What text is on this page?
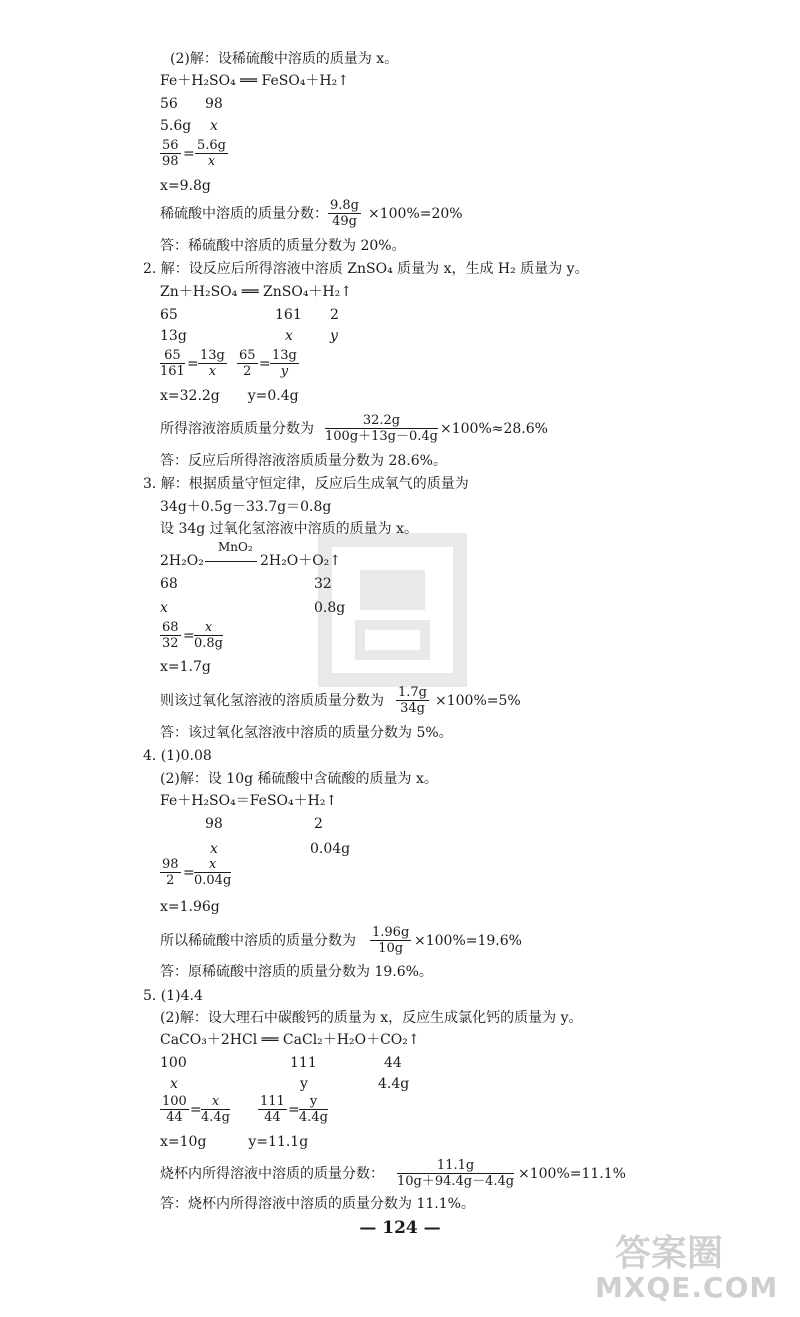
(2)解：设稀硫酸中溶质的质量为 x。
Fe＋H₂SO₄ ══ FeSO₄＋H₂↑
56 98
5.6g x
$\frac{56}{98} = \frac{5.6g}{x}$
x=9.8g
稀硫酸中溶质的质量分数： $\frac{9.8g}{49g} \times 100\%=20\%$
答：稀硫酸中溶质的质量分数为 20%。
2. 解：设反应后所得溶液中溶质 ZnSO₄ 质量为 x，生成 H₂ 质量为 y。
Zn＋H₂SO₄ ══ ZnSO₄＋H₂↑
65	161 2
13g	x	y
$\frac{65}{161} = \frac{13g}{x} \frac{65}{2} = \frac{13g}{y}$
x=32.2g　　y=0.4g
所得溶液溶质质量分数为 $\frac{32.2g}{100g+13g-0.4g} \times 100\%\approx 28.6\%$
答：反应后所得溶液溶质质量分数为 28.6%。
3. 解：根据质量守恒定律，反应后生成氧气的质量为
34g＋0.5g－33.7g＝0.8g
设 34g 过氧化氢溶液中溶质的质量为 x。
2H₂O₂
MnO₂
2H₂O＋O₂↑
68	32
x	0.8g
$\frac{68}{32} = \frac{x}{0.8g}$
x=1.7g
则该过氧化氢溶液的溶质质量分数为 $\frac{1.7g}{34g} \times 100\%=5\%$
答：该过氧化氢溶液中溶质的质量分数为 5%。
4. (1)0.08
(2)解：设 10g 稀硫酸中含硫酸的质量为 x。
Fe＋H₂SO₄＝FeSO₄＋H₂↑
98	2
x	0.04g
$\frac{98}{2} = \frac{x}{0.04g}$
x=1.96g
所以稀硫酸中溶质的质量分数为 $\frac{1.96g}{10g} \times 100\%=19.6\%$
答：原稀硫酸中溶质的质量分数为 19.6%。
5. (1)4.4
(2)解：设大理石中碳酸钙的质量为 x，反应生成氯化钙的质量为 y。
CaCO₃＋2HCl ══ CaCl₂＋H₂O＋CO₂↑
100	111	44
x	y	4.4g
$\frac{100}{44} = \frac{x}{4.4g} \frac{111}{44} = \frac{y}{4.4g}$
x=10g　　　y=11.1g
烧杯内所得溶液中溶质的质量分数： $\frac{11.1g}{10g+94.4g-4.4g} \times 100\%=11.1\%$
答：烧杯内所得溶液中溶质的质量分数为 11.1%。
— 124 —
答案圈
MXQE.COM
